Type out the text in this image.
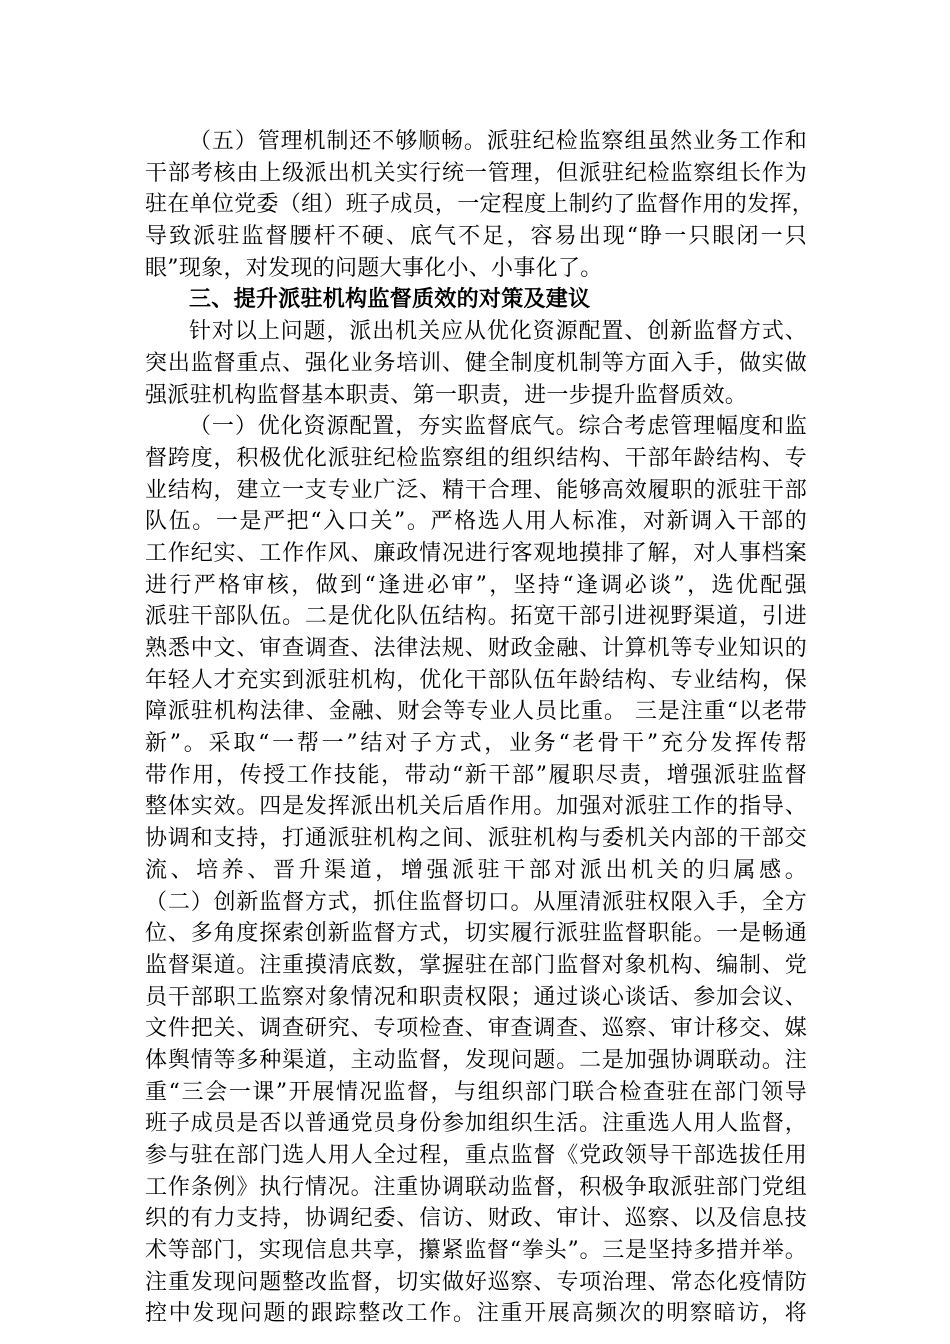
（五）管理机制还不够顺畅。派驻纪检监察组虽然业务工作和
干部考核由上级派出机关实行统一管理，但派驻纪检监察组长作为
驻在单位党委（组）班子成员，一定程度上制约了监督作用的发挥，
导致派驻监督腰杆不硬、底气不足，容易出现“睁一只眼闭一只
眼”现象，对发现的问题大事化小、小事化了。
三、提升派驻机构监督质效的对策及建议
针对以上问题，派出机关应从优化资源配置、创新监督方式、
突出监督重点、强化业务培训、健全制度机制等方面入手，做实做
强派驻机构监督基本职责、第一职责，进一步提升监督质效。
（一）优化资源配置，夯实监督底气。综合考虑管理幅度和监
督跨度，积极优化派驻纪检监察组的组织结构、干部年龄结构、专
业结构，建立一支专业广泛、精干合理、能够高效履职的派驻干部
队伍。一是严把“入口关”。严格选人用人标准，对新调入干部的
工作纪实、工作作风、廉政情况进行客观地摸排了解，对人事档案
进行严格审核，做到“逢进必审”，坚持“逢调必谈”，选优配强
派驻干部队伍。二是优化队伍结构。拓宽干部引进视野渠道，引进
熟悉中文、审查调查、法律法规、财政金融、计算机等专业知识的
年轻人才充实到派驻机构，优化干部队伍年龄结构、专业结构，保
障派驻机构法律、金融、财会等专业人员比重。 三是注重“以老带
新”。采取“一帮一”结对子方式，业务“老骨干”充分发挥传帮
带作用，传授工作技能，带动“新干部”履职尽责，增强派驻监督
整体实效。四是发挥派出机关后盾作用。加强对派驻工作的指导、
协调和支持，打通派驻机构之间、派驻机构与委机关内部的干部交
流、培养、晋升渠道，增强派驻干部对派出机关的归属感。
（二）创新监督方式，抓住监督切口。从厘清派驻权限入手，全方
位、多角度探索创新监督方式，切实履行派驻监督职能。一是畅通
监督渠道。注重摸清底数，掌握驻在部门监督对象机构、编制、党
员干部职工监察对象情况和职责权限；通过谈心谈话、参加会议、
文件把关、调查研究、专项检查、审查调查、巡察、审计移交、媒
体舆情等多种渠道，主动监督，发现问题。二是加强协调联动。注
重“三会一课”开展情况监督，与组织部门联合检查驻在部门领导
班子成员是否以普通党员身份参加组织生活。注重选人用人监督，
参与驻在部门选人用人全过程，重点监督《党政领导干部选拔任用
工作条例》执行情况。注重协调联动监督，积极争取派驻部门党组
织的有力支持，协调纪委、信访、财政、审计、巡察、以及信息技
术等部门，实现信息共享，攥紧监督“拳头”。三是坚持多措并举。
注重发现问题整改监督，切实做好巡察、专项治理、常态化疫情防
控中发现问题的跟踪整改工作。注重开展高频次的明察暗访，将
